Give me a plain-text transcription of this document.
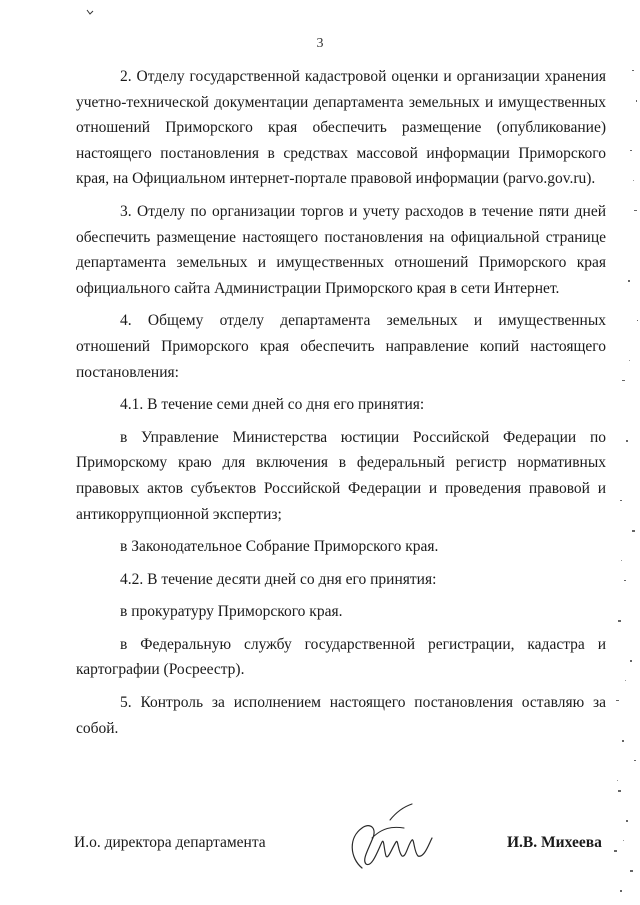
3

2. Отделу государственной кадастровой оценки и организации хранения учетно-технической документации департамента земельных и имущественных отношений Приморского края обеспечить размещение (опубликование) настоящего постановления в средствах массовой информации Приморского края, на Официальном интернет-портале правовой информации (parvo.gov.ru).

3. Отделу по организации торгов и учету расходов в течение пяти дней обеспечить размещение настоящего постановления на официальной странице департамента земельных и имущественных отношений Приморского края официального сайта Администрации Приморского края в сети Интернет.

4. Общему отделу департамента земельных и имущественных отношений Приморского края обеспечить направление копий настоящего постановления:

4.1. В течение семи дней со дня его принятия:

в Управление Министерства юстиции Российской Федерации по Приморскому краю для включения в федеральный регистр нормативных правовых актов субъектов Российской Федерации и проведения правовой и антикоррупционной экспертиз;

в Законодательное Собрание Приморского края.

4.2. В течение десяти дней со дня его принятия:

в прокуратуру Приморского края.

в Федеральную службу государственной регистрации, кадастра и картографии (Росреестр).

5. Контроль за исполнением настоящего постановления оставляю за собой.

И.о. директора департамента	И.В. Михеева
